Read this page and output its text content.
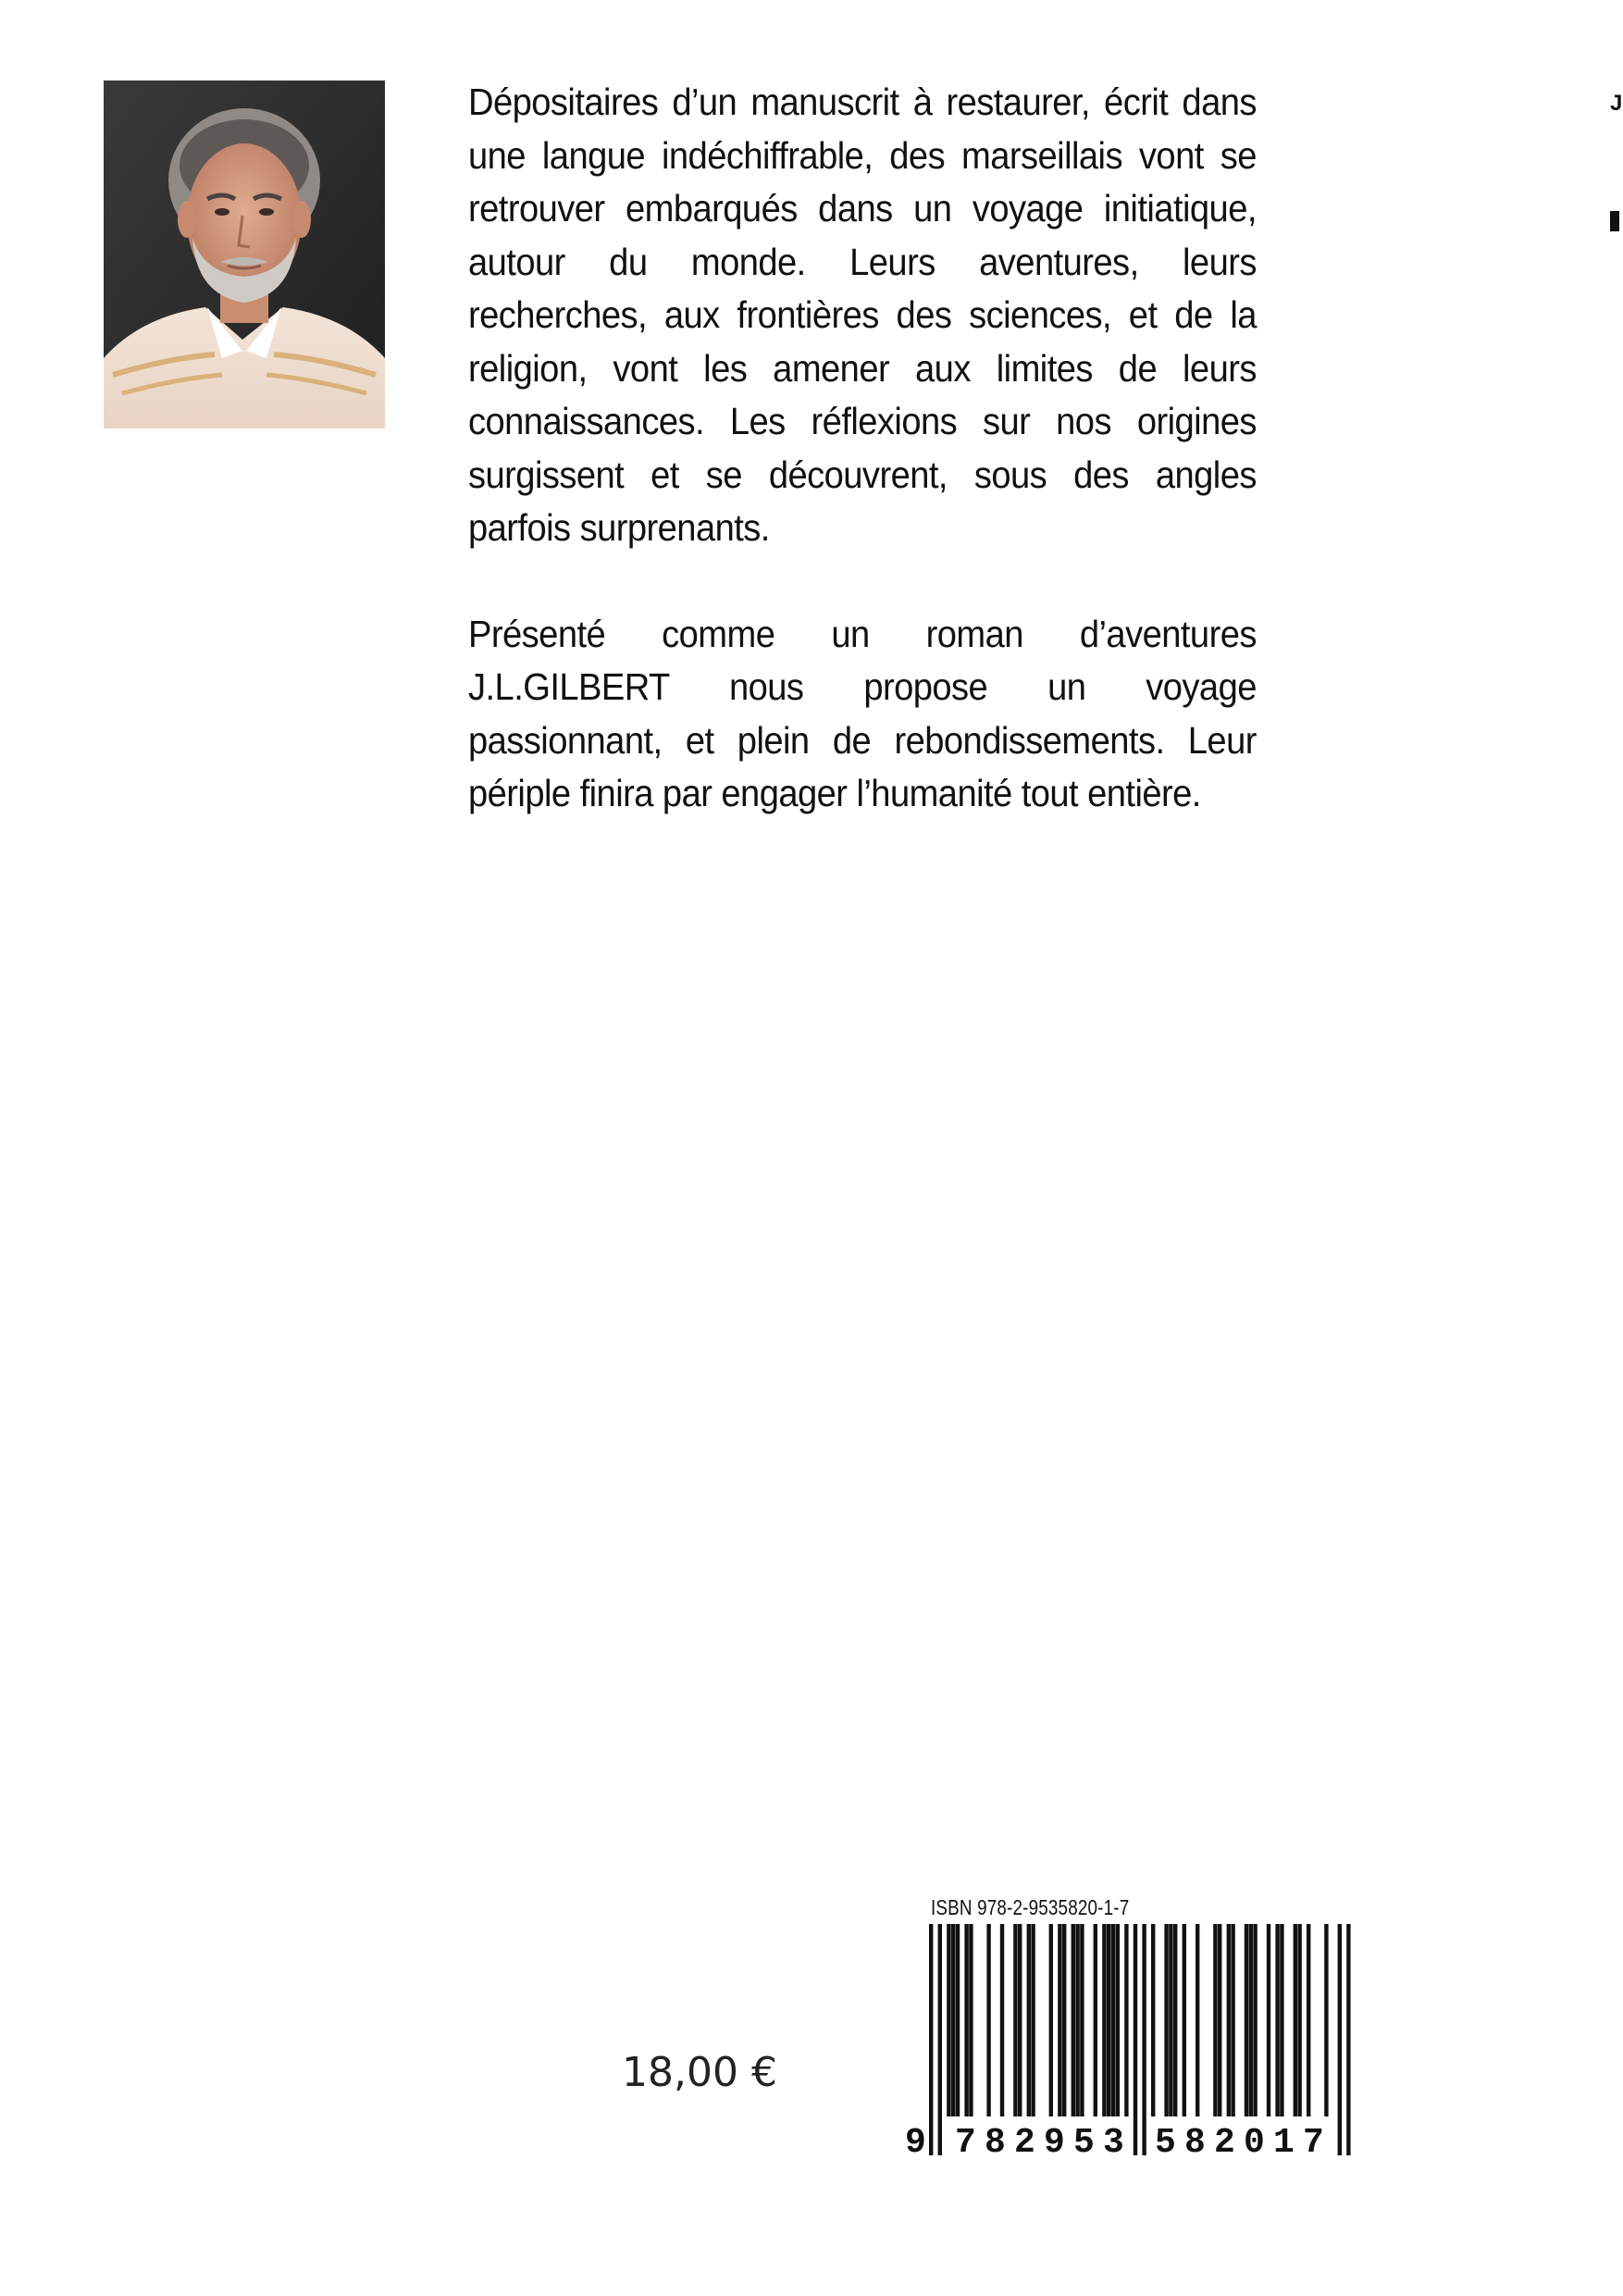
Dépositaires d’un manuscrit à restaurer, écrit dans une langue indéchiffrable, des marseillais vont se retrouver embarqués dans un voyage initiatique, autour du monde. Leurs aventures, leurs recherches, aux frontières des sciences, et de la religion, vont les amener aux limites de leurs connaissances. Les réflexions sur nos origines surgissent et se découvrent, sous des angles parfois surprenants.

Présenté comme un roman d’aventures J.L.GILBERT nous propose un voyage passionnant, et plein de rebondissements. Leur périple finira par engager l’humanité tout entière.

J
18,00 €
ISBN 978-2-9535820-1-7
9 7 8 2 9 5 3 5 8 2 0 1 7
